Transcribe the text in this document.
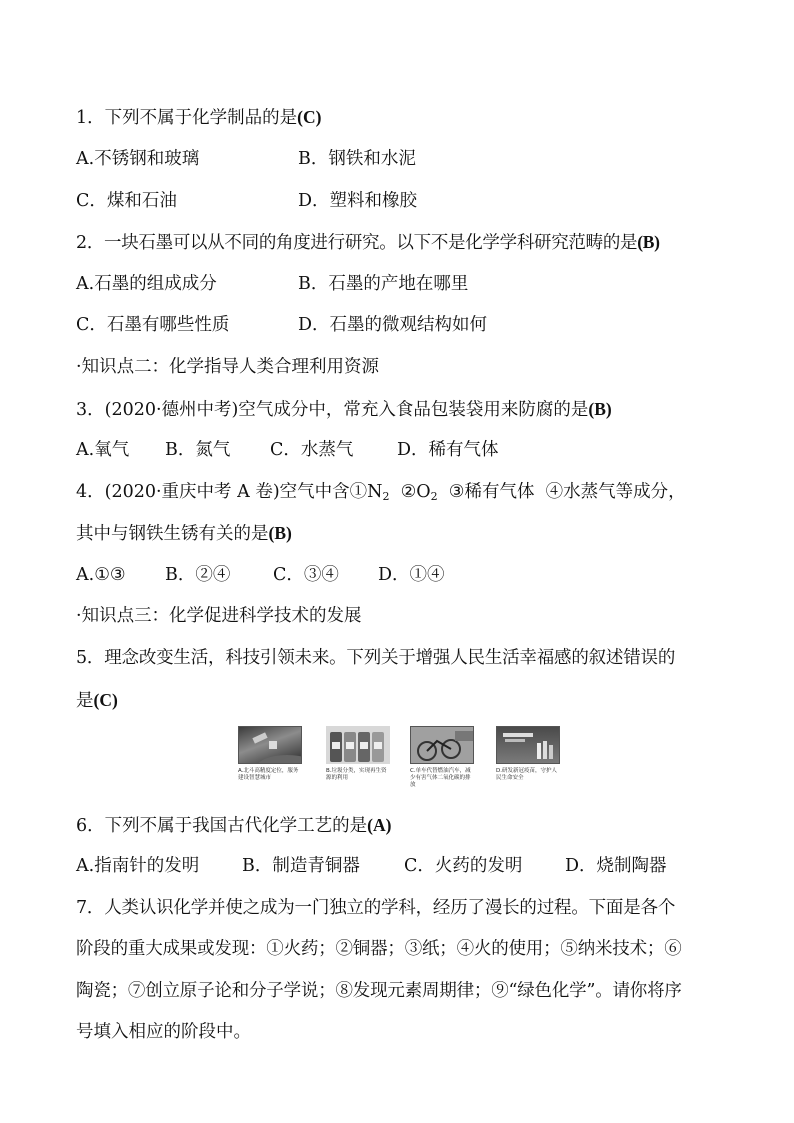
1．下列不属于化学制品的是(C)
A.不锈钢和玻璃	B．钢铁和水泥
C．煤和石油	D．塑料和橡胶
2．一块石墨可以从不同的角度进行研究。以下不是化学学科研究范畴的是(B)
A.石墨的组成成分	B．石墨的产地在哪里
C．石墨有哪些性质	D．石墨的微观结构如何
·知识点二：化学指导人类合理利用资源
3．(2020·德州中考)空气成分中，常充入食品包装袋用来防腐的是(B)
A.氧气 B．氮气 C．水蒸气 D．稀有气体
4．(2020·重庆中考 A 卷)空气中含$①N_2$  $②O_2$  ③稀有气体  ④水蒸气等成分，
其中与钢铁生锈有关的是(B)
A.①③ B．②④ C．③④ D．①④
·知识点三：化学促进科学技术的发展
5．理念改变生活，科技引领未来。下列关于增强人民生活幸福感的叙述错误的
是(C)
A.北斗高精度定位，服务建设智慧城市
B.垃圾分类，实现再生资源的利用
C.单车代替燃油汽车，减少有害气体二氧化碳的排放
D.研发新冠疫苗，守护人民生命安全
6．下列不属于我国古代化学工艺的是(A)
A.指南针的发明 B．制造青铜器	C．火药的发明 D．烧制陶器
7．人类认识化学并使之成为一门独立的学科，经历了漫长的过程。下面是各个
阶段的重大成果或发现：①火药；②铜器；③纸；④火的使用；⑤纳米技术；⑥
陶瓷；⑦创立原子论和分子学说；⑧发现元素周期律；⑨“绿色化学”。请你将序
号填入相应的阶段中。
